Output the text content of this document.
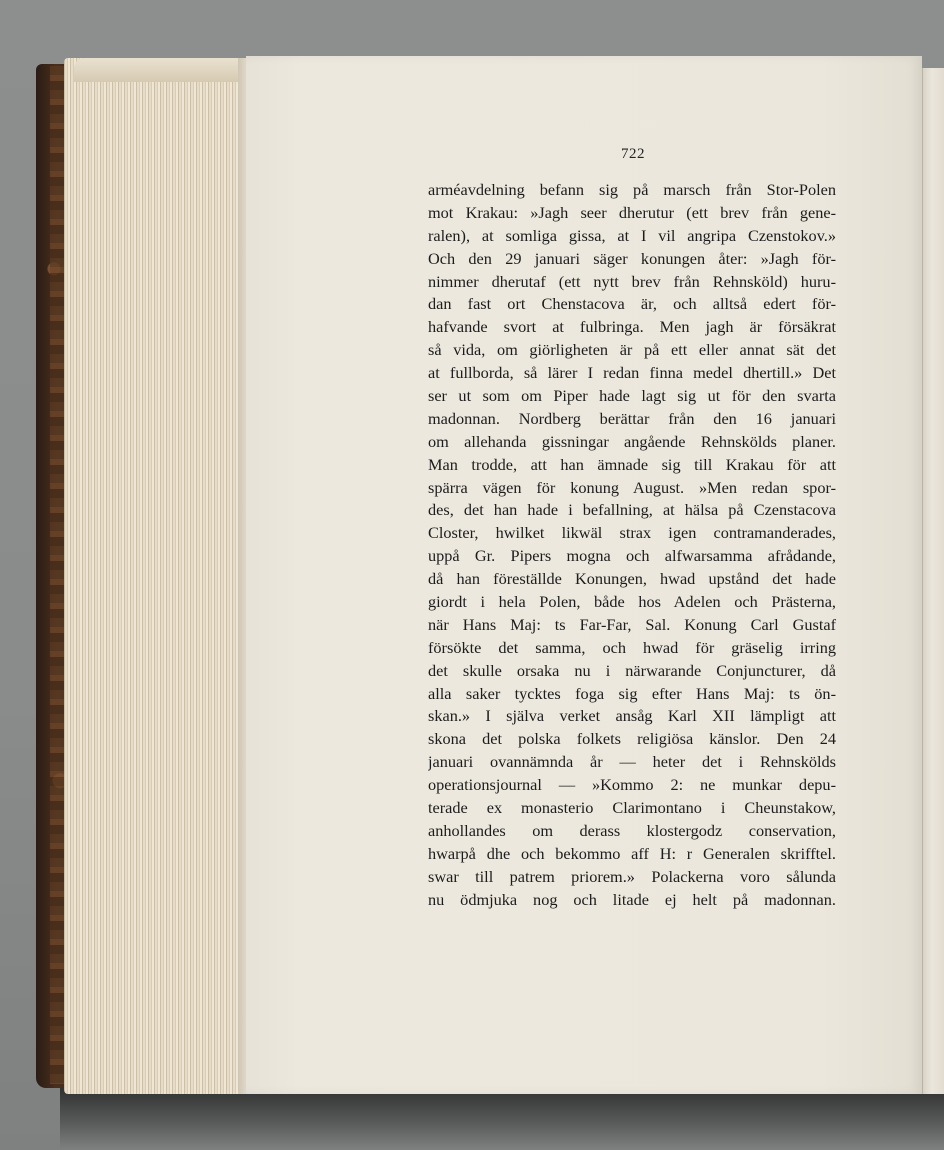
722
arméavdelning befann sig på marsch från Stor-Polen
mot Krakau: »Jagh seer dherutur (ett brev från gene-
ralen), at somliga gissa, at I vil angripa Czenstokov.»
Och den 29 januari säger konungen åter: »Jagh för-
nimmer dherutaf (ett nytt brev från Rehnsköld) huru-
dan fast ort Chenstacova är, och alltså edert för-
hafvande svort at fulbringa. Men jagh är försäkrat
så vida, om giörligheten är på ett eller annat sät det
at fullborda, så lärer I redan finna medel dhertill.» Det
ser ut som om Piper hade lagt sig ut för den svarta
madonnan. Nordberg berättar från den 16 januari
om allehanda gissningar angående Rehnskölds planer.
Man trodde, att han ämnade sig till Krakau för att
spärra vägen för konung August. »Men redan spor-
des, det han hade i befallning, at hälsa på Czenstacova
Closter, hwilket likwäl strax igen contramanderades,
uppå Gr. Pipers mogna och alfwarsamma afrådande,
då han föreställde Konungen, hwad upstånd det hade
giordt i hela Polen, både hos Adelen och Prästerna,
när Hans Maj: ts Far-Far, Sal. Konung Carl Gustaf
försökte det samma, och hwad för gräselig irring
det skulle orsaka nu i närwarande Conjuncturer, då
alla saker tycktes foga sig efter Hans Maj: ts ön-
skan.» I själva verket ansåg Karl XII lämpligt att
skona det polska folkets religiösa känslor. Den 24
januari ovannämnda år — heter det i Rehnskölds
operationsjournal — »Kommo 2: ne munkar depu-
terade ex monasterio Clarimontano i Cheunstakow,
anhollandes om derass klostergodz conservation,
hwarpå dhe och bekommo aff H: r Generalen skrifftel.
swar till patrem priorem.» Polackerna voro sålunda
nu ödmjuka nog och litade ej helt på madonnan.
